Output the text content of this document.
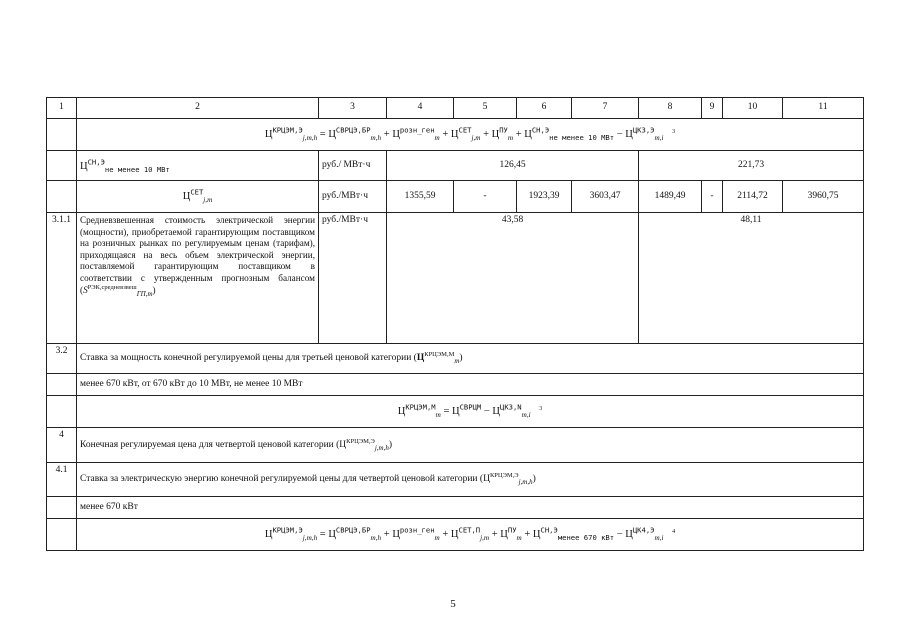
1	2	3	4	5	6	7	8	9	10	11
	$Ц^{КРЦЭМ,Э}_{j,m,h} = Ц^{СВРЦЭ,БР}_{m,h} + Ц^{розн\_ген}_m + Ц^{СЕТ}_{j,m} + Ц^{ПУ}_m + Ц^{СН,Э}_{не менее 10 МВт} - Ц^{ЦКЗ,Э}_{m,i}$ $^3$
	$Ц^{СН,Э}_{не менее 10 МВт}$	руб./ МВт·ч	126,45				221,73			
	$Ц^{СЕТ}_{j,m}$	руб./МВт·ч	1355,59	-	1923,39	3603,47	1489,49	-	2114,72	3960,75
3.1.1	Средневзвешенная стоимость электрической энергии (мощности), приобретаемой гарантирующим поставщиком на розничных рынках по регулируемым ценам (тарифам), приходящаяся на весь объем электрической энергии, поставляемой гарантирующим поставщиком в соответствии с утвержденным прогнозным балансом $(S^{РЭК,средневзвеш}_{ГП,m})$	руб./МВт·ч	43,58				48,11			
3.2	Ставка за мощность конечной регулируемой цены для третьей ценовой категории $(Ц^{КРЦЭМ,М}_m)$									
	менее 670 кВт, от 670 кВт до 10 МВт, не менее 10 МВт									
	$Ц^{КРЦЭМ,М}_m = Ц^{СВРЦМ} - Ц^{ЦКЗ,N}_{m,i}$ $^3$
4	Конечная регулируемая цена для четвертой ценовой категории $(Ц^{КРЦЭМ,Э}_{j,m,h})$									
4.1	Ставка за электрическую энергию конечной регулируемой цены для четвертой ценовой категории $(Ц^{КРЦЭМ,Э}_{j,m,h})$									
	менее 670 кВт									
	$Ц^{КРЦЭМ,Э}_{j,m,h} = Ц^{СВРЦЭ,БР}_{m,h} + Ц^{розн\_ген}_m + Ц^{СЕТ,П}_{j,m} + Ц^{ПУ}_m + Ц^{СН,Э}_{менее 670 кВт} - Ц^{ЦК4,Э}_{m,i}$ $^4$
5
